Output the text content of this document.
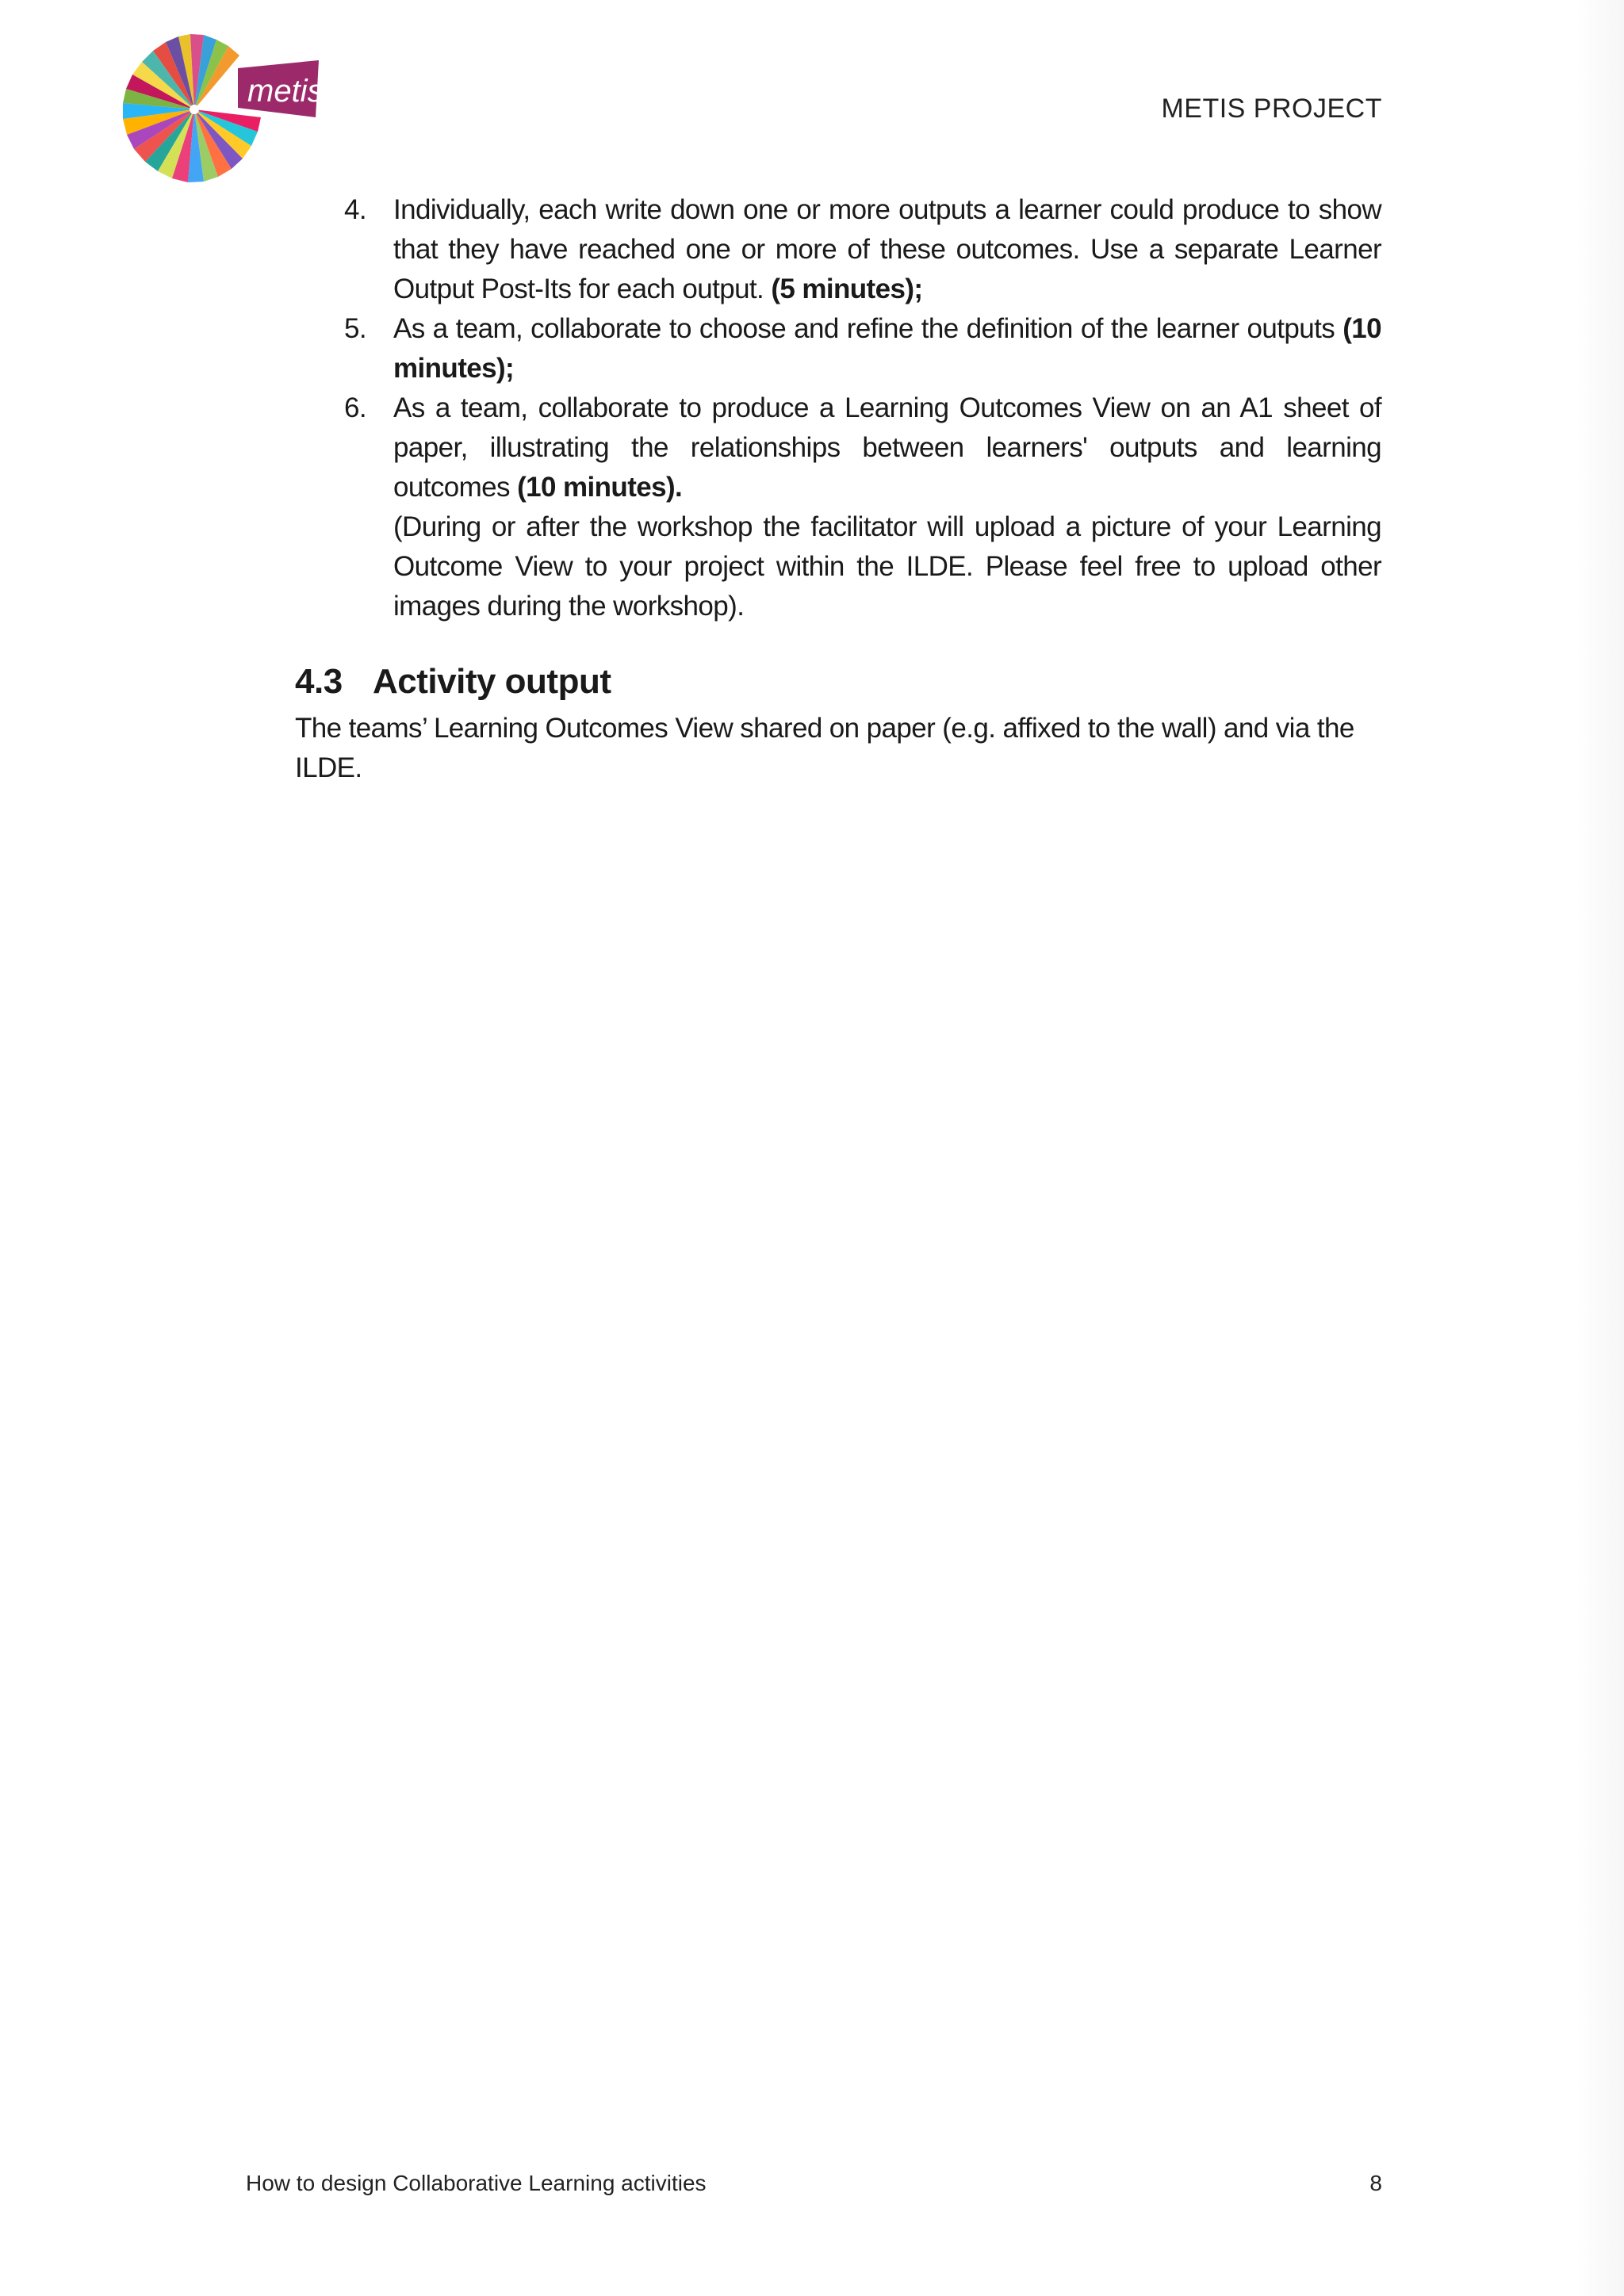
metis	METIS PROJECT
4. Individually, each write down one or more outputs a learner could produce to show that they have reached one or more of these outcomes. Use a separate Learner Output Post-Its for each output. (5 minutes);
5. As a team, collaborate to choose and refine the definition of the learner outputs (10 minutes);
6. As a team, collaborate to produce a Learning Outcomes View on an A1 sheet of paper, illustrating the relationships between learners' outputs and learning outcomes (10 minutes).
(During or after the workshop the facilitator will upload a picture of your Learning Outcome View to your project within the ILDE. Please feel free to upload other images during the workshop).
4.3 Activity output

The teams’ Learning Outcomes View shared on paper (e.g. affixed to the wall) and via the ILDE.

How to design Collaborative Learning activities	8
